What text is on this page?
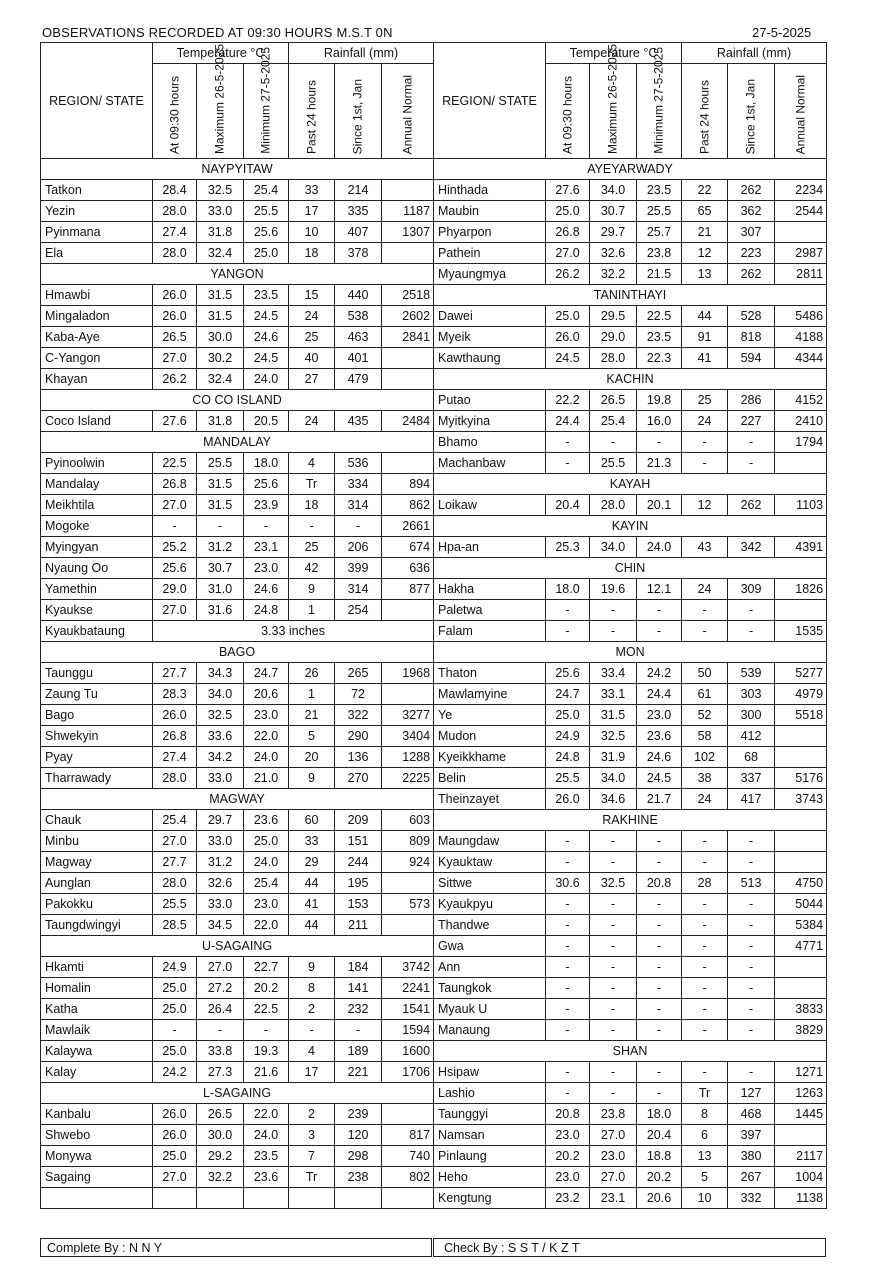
OBSERVATIONS RECORDED AT 09:30 HOURS M.S.T 0N	27-5-2025
REGION/ STATE	Temperature °C			Rainfall (mm)		

	At 09:30 hours	Maximum 26-5-2025	Minimum 27-5-2025	Past 24 hours	Since 1st, Jan	Annual Normal

NAYPYITAW						
Tatkon	28.4	32.5	25.4	33	214	
Yezin	28.0	33.0	25.5	17	335	1187
Pyinmana	27.4	31.8	25.6	10	407	1307
Ela	28.0	32.4	25.0	18	378	
YANGON						
Hmawbi	26.0	31.5	23.5	15	440	2518
Mingaladon	26.0	31.5	24.5	24	538	2602
Kaba-Aye	26.5	30.0	24.6	25	463	2841
C-Yangon	27.0	30.2	24.5	40	401	
Khayan	26.2	32.4	24.0	27	479	
CO CO ISLAND						
Coco Island	27.6	31.8	20.5	24	435	2484
MANDALAY						
Pyinoolwin	22.5	25.5	18.0	4	536	
Mandalay	26.8	31.5	25.6	Tr	334	894
Meikhtila	27.0	31.5	23.9	18	314	862
Mogoke	-	-	-	-	-	2661
Myingyan	25.2	31.2	23.1	25	206	674
Nyaung Oo	25.6	30.7	23.0	42	399	636
Yamethin	29.0	31.0	24.6	9	314	877
Kyaukse	27.0	31.6	24.8	1	254	
Kyaukbataung	3.33 inches					
BAGO						
Taunggu	27.7	34.3	24.7	26	265	1968
Zaung Tu	28.3	34.0	20.6	1	72	
Bago	26.0	32.5	23.0	21	322	3277
Shwekyin	26.8	33.6	22.0	5	290	3404
Pyay	27.4	34.2	24.0	20	136	1288
Tharrawady	28.0	33.0	21.0	9	270	2225
MAGWAY						
Chauk	25.4	29.7	23.6	60	209	603
Minbu	27.0	33.0	25.0	33	151	809
Magway	27.7	31.2	24.0	29	244	924
Aunglan	28.0	32.6	25.4	44	195	
Pakokku	25.5	33.0	23.0	41	153	573
Taungdwingyi	28.5	34.5	22.0	44	211	
U-SAGAING						
Hkamti	24.9	27.0	22.7	9	184	3742
Homalin	25.0	27.2	20.2	8	141	2241
Katha	25.0	26.4	22.5	2	232	1541
Mawlaik	-	-	-	-	-	1594
Kalaywa	25.0	33.8	19.3	4	189	1600
Kalay	24.2	27.3	21.6	17	221	1706
L-SAGAING						
Kanbalu	26.0	26.5	22.0	2	239	
Shwebo	26.0	30.0	24.0	3	120	817
Monywa	25.0	29.2	23.5	7	298	740
Sagaing	27.0	32.2	23.6	Tr	238	802

REGION/ STATE	Temperature °C			Rainfall (mm)		

	At 09:30 hours	Maximum 26-5-2025	Minimum 27-5-2025	Past 24 hours	Since 1st, Jan	Annual Normal

AYEYARWADY						
Hinthada	27.6	34.0	23.5	22	262	2234
Maubin	25.0	30.7	25.5	65	362	2544
Phyarpon	26.8	29.7	25.7	21	307	
Pathein	27.0	32.6	23.8	12	223	2987
Myaungmya	26.2	32.2	21.5	13	262	2811
TANINTHAYI						
Dawei	25.0	29.5	22.5	44	528	5486
Myeik	26.0	29.0	23.5	91	818	4188
Kawthaung	24.5	28.0	22.3	41	594	4344
KACHIN						
Putao	22.2	26.5	19.8	25	286	4152
Myitkyina	24.4	25.4	16.0	24	227	2410
Bhamo	-	-	-	-	-	1794
Machanbaw	-	25.5	21.3	-	-	
KAYAH						
Loikaw	20.4	28.0	20.1	12	262	1103
KAYIN						
Hpa-an	25.3	34.0	24.0	43	342	4391
CHIN						
Hakha	18.0	19.6	12.1	24	309	1826
Paletwa	-	-	-	-	-	
Falam	-	-	-	-	-	1535
MON						
Thaton	25.6	33.4	24.2	50	539	5277
Mawlamyine	24.7	33.1	24.4	61	303	4979
Ye	25.0	31.5	23.0	52	300	5518
Mudon	24.9	32.5	23.6	58	412	
Kyeikkhame	24.8	31.9	24.6	102	68	
Belin	25.5	34.0	24.5	38	337	5176
Theinzayet	26.0	34.6	21.7	24	417	3743
RAKHINE						
Maungdaw	-	-	-	-	-	
Kyauktaw	-	-	-	-	-	
Sittwe	30.6	32.5	20.8	28	513	4750
Kyaukpyu	-	-	-	-	-	5044
Thandwe	-	-	-	-	-	5384
Gwa	-	-	-	-	-	4771
Ann	-	-	-	-	-	
Taungkok	-	-	-	-	-	
Myauk U	-	-	-	-	-	3833
Manaung	-	-	-	-	-	3829
SHAN						
Hsipaw	-	-	-	-	-	1271
Lashio	-	-	-	Tr	127	1263
Taunggyi	20.8	23.8	18.0	8	468	1445
Namsan	23.0	27.0	20.4	6	397	
Pinlaung	20.2	23.0	18.8	13	380	2117
Heho	23.0	27.0	20.2	5	267	1004
Kengtung	23.2	23.1	20.6	10	332	1138
Complete By : N N Y	Check By : S S T / K Z T
